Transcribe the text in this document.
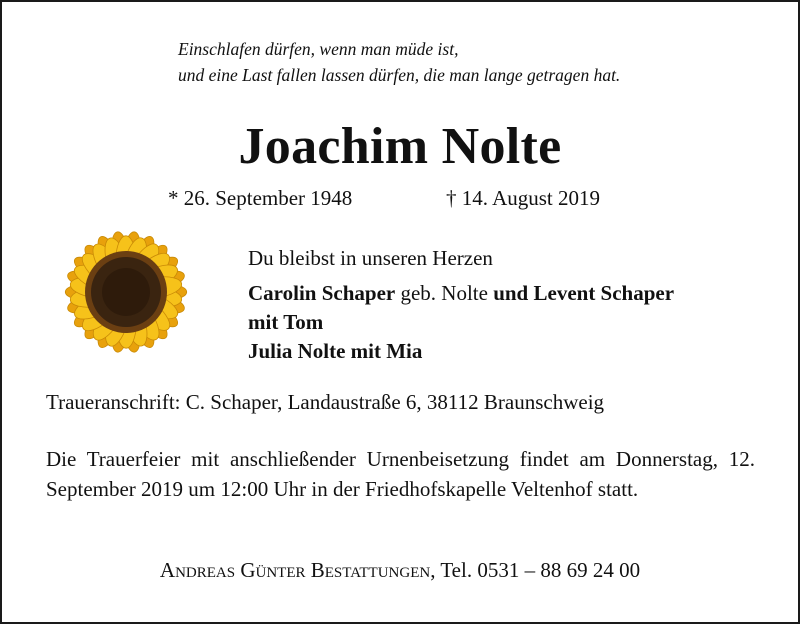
Einschlafen dürfen, wenn man müde ist,
und eine Last fallen lassen dürfen, die man lange getragen hat.
Joachim Nolte
* 26. September 1948	† 14. August 2019
Du bleibst in unseren Herzen
Carolin Schaper geb. Nolte und Levent Schaper
mit Tom
Julia Nolte mit Mia
Traueranschrift: C. Schaper, Landaustraße 6, 38112 Braunschweig
Die Trauerfeier mit anschließender Urnenbeisetzung findet am Donnerstag, 12. September 2019 um 12:00 Uhr in der Friedhofskapelle Veltenhof statt.
Andreas Günter Bestattungen, Tel. 0531 – 88 69 24 00
